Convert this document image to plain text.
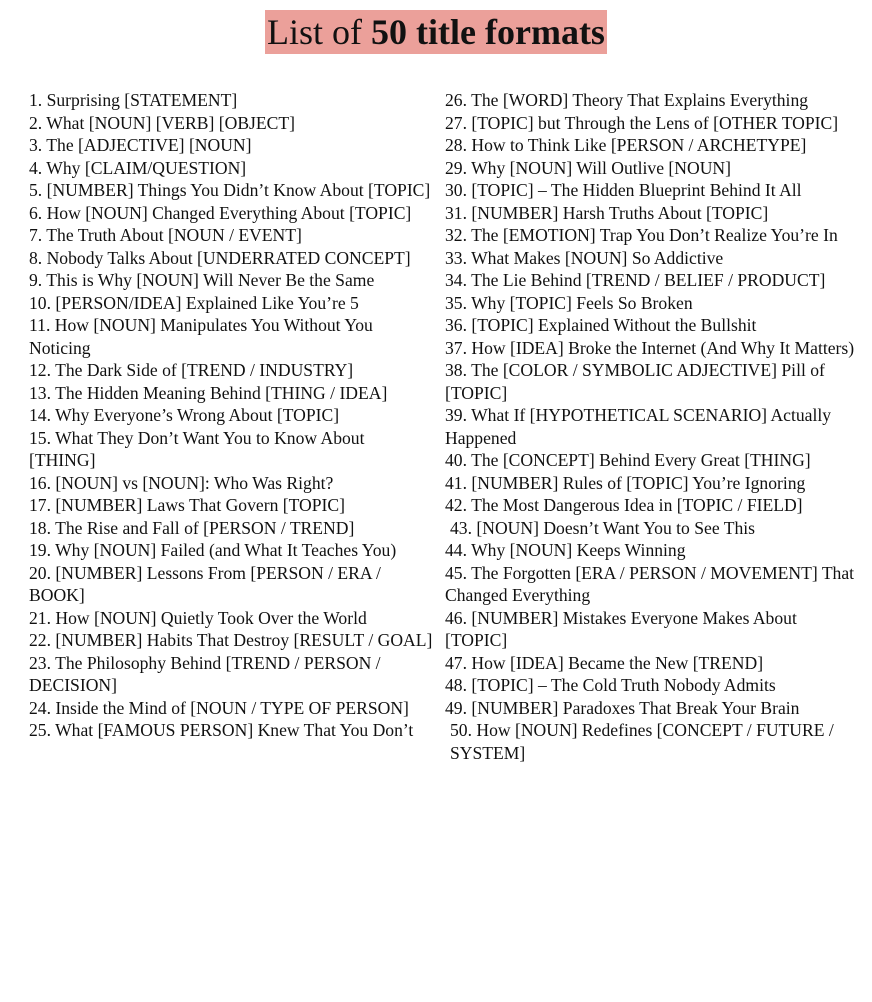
List of 50 title formats
1. Surprising [STATEMENT]
2. What [NOUN] [VERB] [OBJECT]
3. The [ADJECTIVE] [NOUN]
4. Why [CLAIM/QUESTION]
5. [NUMBER] Things You Didn’t Know About [TOPIC]
6. How [NOUN] Changed Everything About [TOPIC]
7. The Truth About [NOUN / EVENT]
8. Nobody Talks About [UNDERRATED CONCEPT]
9. This is Why [NOUN] Will Never Be the Same
10. [PERSON/IDEA] Explained Like You’re 5
11. How [NOUN] Manipulates You Without You Noticing
12. The Dark Side of [TREND / INDUSTRY]
13. The Hidden Meaning Behind [THING / IDEA]
14. Why Everyone’s Wrong About [TOPIC]
15. What They Don’t Want You to Know About [THING]
16. [NOUN] vs [NOUN]: Who Was Right?
17. [NUMBER] Laws That Govern [TOPIC]
18. The Rise and Fall of [PERSON / TREND]
19. Why [NOUN] Failed (and What It Teaches You)
20. [NUMBER] Lessons From [PERSON / ERA / BOOK]
21. How [NOUN] Quietly Took Over the World
22. [NUMBER] Habits That Destroy [RESULT / GOAL]
23. The Philosophy Behind [TREND / PERSON / DECISION]
24. Inside the Mind of [NOUN / TYPE OF PERSON]
25. What [FAMOUS PERSON] Knew That You Don’t
26. The [WORD] Theory That Explains Everything
27. [TOPIC] but Through the Lens of [OTHER TOPIC]
28. How to Think Like [PERSON / ARCHETYPE]
29. Why [NOUN] Will Outlive [NOUN]
30. [TOPIC] – The Hidden Blueprint Behind It All
31. [NUMBER] Harsh Truths About [TOPIC]
32. The [EMOTION] Trap You Don’t Realize You’re In
33. What Makes [NOUN] So Addictive
34. The Lie Behind [TREND / BELIEF / PRODUCT]
35. Why [TOPIC] Feels So Broken
36. [TOPIC] Explained Without the Bullshit
37. How [IDEA] Broke the Internet (And Why It Matters)
38. The [COLOR / SYMBOLIC ADJECTIVE] Pill of [TOPIC]
39. What If [HYPOTHETICAL SCENARIO] Actually Happened
40. The [CONCEPT] Behind Every Great [THING]
41. [NUMBER] Rules of [TOPIC] You’re Ignoring
42. The Most Dangerous Idea in [TOPIC / FIELD]
43. [NOUN] Doesn’t Want You to See This
44. Why [NOUN] Keeps Winning
45. The Forgotten [ERA / PERSON / MOVEMENT] That Changed Everything
46. [NUMBER] Mistakes Everyone Makes About [TOPIC]
47. How [IDEA] Became the New [TREND]
48. [TOPIC] – The Cold Truth Nobody Admits
49. [NUMBER] Paradoxes That Break Your Brain
50. How [NOUN] Redefines [CONCEPT / FUTURE / SYSTEM]
